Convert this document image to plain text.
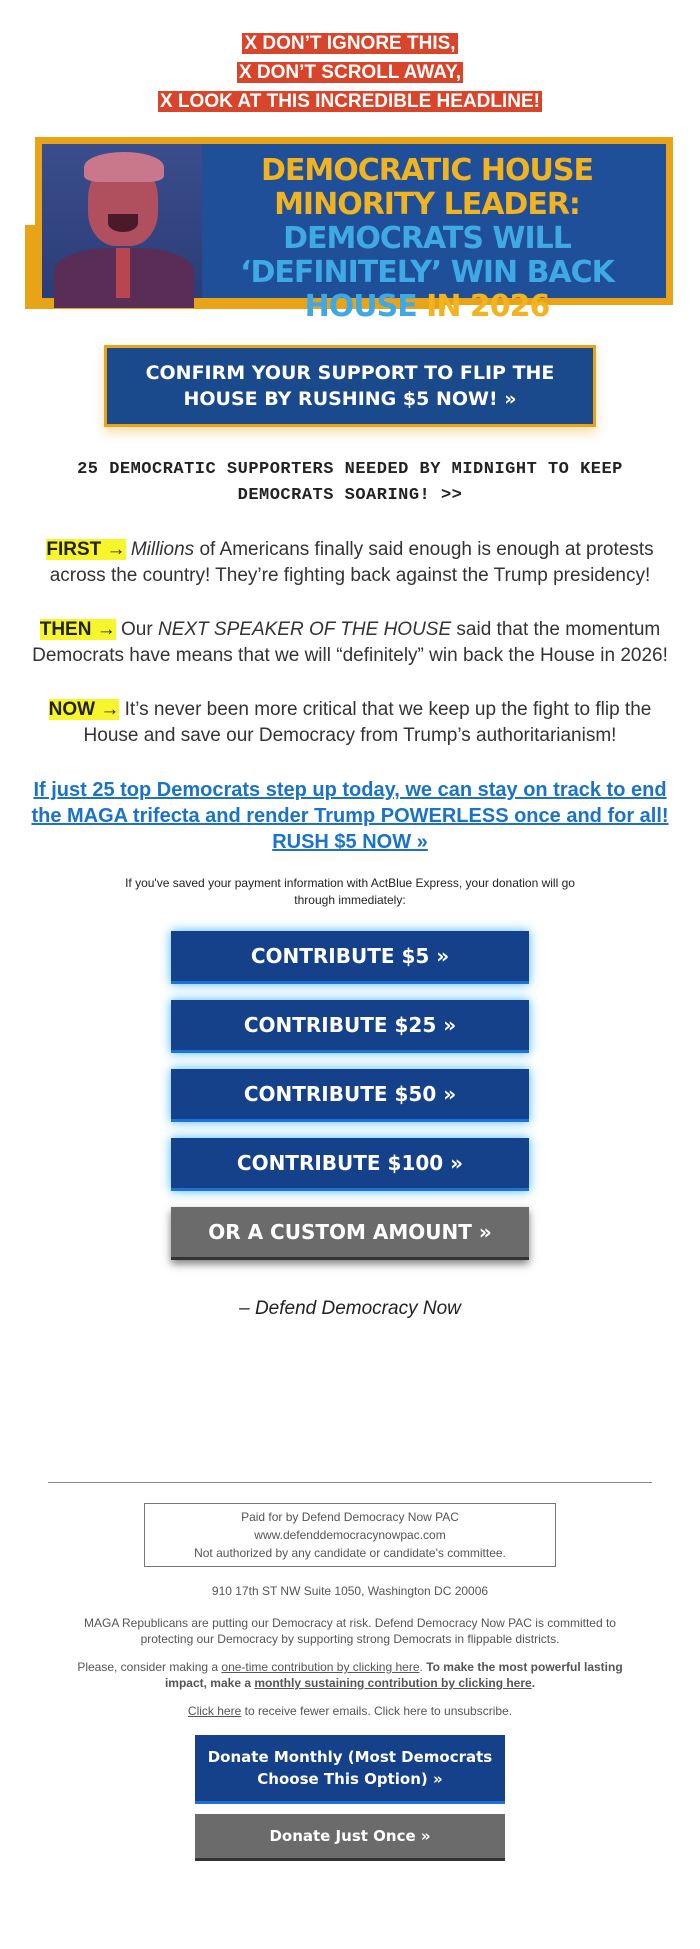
X DON’T IGNORE THIS,
X DON’T SCROLL AWAY,
X LOOK AT THIS INCREDIBLE HEADLINE!
DEMOCRATIC HOUSE MINORITY LEADER: DEMOCRATS WILL ‘DEFINITELY’ WIN BACK HOUSE IN 2026
CONFIRM YOUR SUPPORT TO FLIP THE HOUSE BY RUSHING $5 NOW! »
25 DEMOCRATIC SUPPORTERS NEEDED BY MIDNIGHT TO KEEP DEMOCRATS SOARING! >>
FIRST → Millions of Americans finally said enough is enough at protests across the country! They’re fighting back against the Trump presidency!
THEN → Our NEXT SPEAKER OF THE HOUSE said that the momentum Democrats have means that we will “definitely” win back the House in 2026!
NOW → It’s never been more critical that we keep up the fight to flip the House and save our Democracy from Trump’s authoritarianism!
If just 25 top Democrats step up today, we can stay on track to end the MAGA trifecta and render Trump POWERLESS once and for all! RUSH $5 NOW »
If you've saved your payment information with ActBlue Express, your donation will go through immediately:
CONTRIBUTE $5 »
CONTRIBUTE $25 »
CONTRIBUTE $50 »
CONTRIBUTE $100 »
OR A CUSTOM AMOUNT »
– Defend Democracy Now
Paid for by Defend Democracy Now PAC
www.defenddemocracynowpac.com
Not authorized by any candidate or candidate's committee.
910 17th ST NW Suite 1050, Washington DC 20006
MAGA Republicans are putting our Democracy at risk. Defend Democracy Now PAC is committed to protecting our Democracy by supporting strong Democrats in flippable districts.
Please, consider making a one-time contribution by clicking here. To make the most powerful lasting impact, make a monthly sustaining contribution by clicking here.
Click here to receive fewer emails. Click here to unsubscribe.
Donate Monthly (Most Democrats Choose This Option) »
Donate Just Once »
